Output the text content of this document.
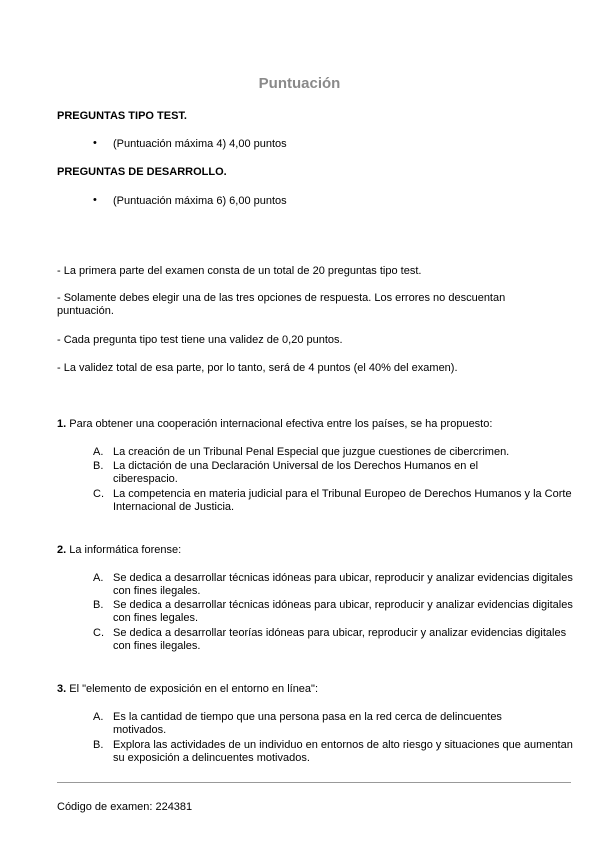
Puntuación
PREGUNTAS TIPO TEST.
• (Puntuación máxima 4) 4,00 puntos
PREGUNTAS DE DESARROLLO.
• (Puntuación máxima 6) 6,00 puntos
- La primera parte del examen consta de un total de 20 preguntas tipo test.
- Solamente debes elegir una de las tres opciones de respuesta. Los errores no descuentan puntuación.
- Cada pregunta tipo test tiene una validez de 0,20 puntos.
- La validez total de esa parte, por lo tanto, será de 4 puntos (el 40% del examen).
1. Para obtener una cooperación internacional efectiva entre los países, se ha propuesto:
A. La creación de un Tribunal Penal Especial que juzgue cuestiones de cibercrimen.
B. La dictación de una Declaración Universal de los Derechos Humanos en el ciberespacio.
C. La competencia en materia judicial para el Tribunal Europeo de Derechos Humanos y la Corte Internacional de Justicia.
2. La informática forense:
A. Se dedica a desarrollar técnicas idóneas para ubicar, reproducir y analizar evidencias digitales con fines ilegales.
B. Se dedica a desarrollar técnicas idóneas para ubicar, reproducir y analizar evidencias digitales con fines legales.
C. Se dedica a desarrollar teorías idóneas para ubicar, reproducir y analizar evidencias digitales con fines ilegales.
3. El "elemento de exposición en el entorno en línea":
A. Es la cantidad de tiempo que una persona pasa en la red cerca de delincuentes motivados.
B. Explora las actividades de un individuo en entornos de alto riesgo y situaciones que aumentan su exposición a delincuentes motivados.
Código de examen: 224381
